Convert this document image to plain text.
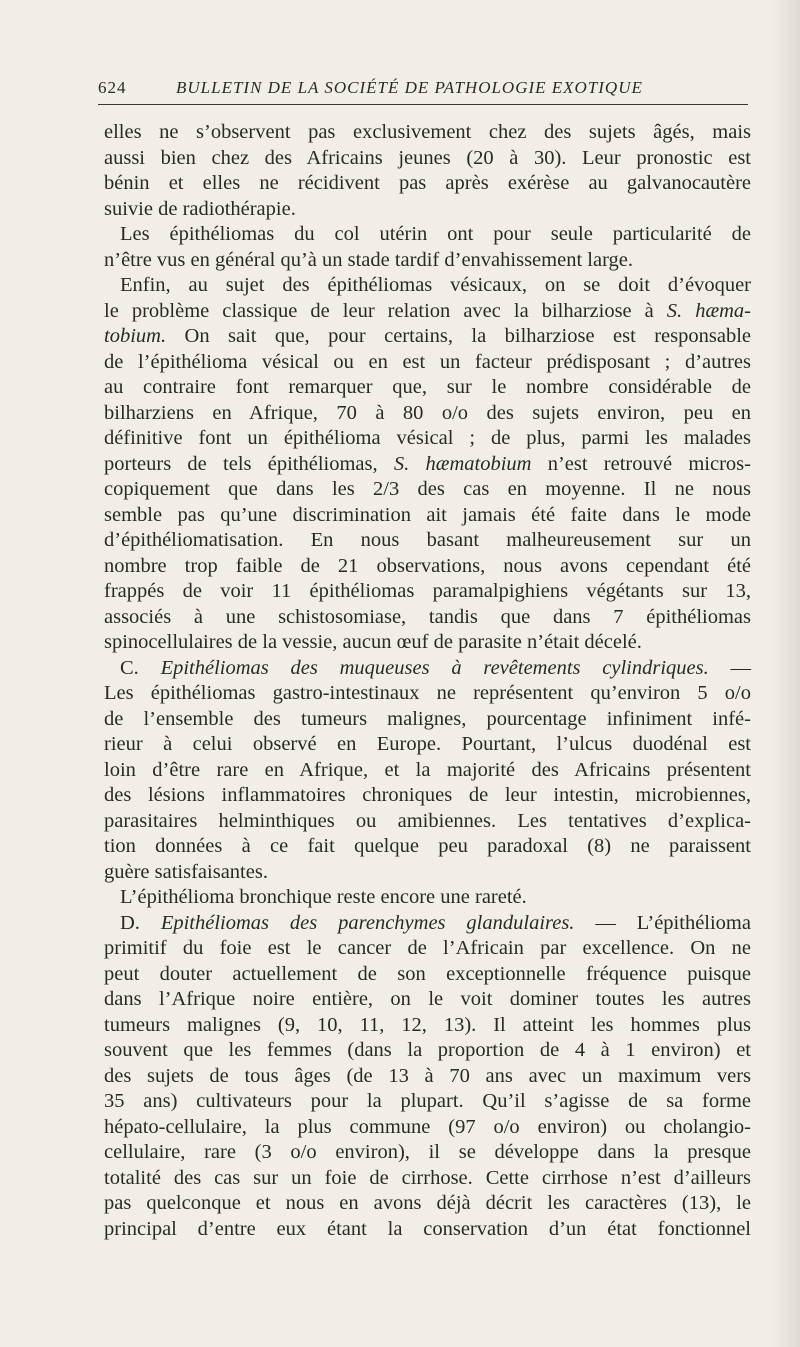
624	BULLETIN DE LA SOCIÉTÉ DE PATHOLOGIE EXOTIQUE
elles ne s’observent pas exclusivement chez des sujets âgés, mais
aussi bien chez des Africains jeunes (20 à 30). Leur pronostic est
bénin et elles ne récidivent pas après exérèse au galvanocautère
suivie de radiothérapie.
Les épithéliomas du col utérin ont pour seule particularité de
n’être vus en général qu’à un stade tardif d’envahissement large.
Enfin, au sujet des épithéliomas vésicaux, on se doit d’évoquer
le problème classique de leur relation avec la bilharziose à S. hæma-
tobium. On sait que, pour certains, la bilharziose est responsable
de l’épithélioma vésical ou en est un facteur prédisposant ; d’autres
au contraire font remarquer que, sur le nombre considérable de
bilharziens en Afrique, 70 à 80 o/o des sujets environ, peu en
définitive font un épithélioma vésical ; de plus, parmi les malades
porteurs de tels épithéliomas, S. hæmatobium n’est retrouvé micros-
copiquement que dans les 2/3 des cas en moyenne. Il ne nous
semble pas qu’une discrimination ait jamais été faite dans le mode
d’épithéliomatisation. En nous basant malheureusement sur un
nombre trop faible de 21 observations, nous avons cependant été
frappés de voir 11 épithéliomas paramalpighiens végétants sur 13,
associés à une schistosomiase, tandis que dans 7 épithéliomas
spinocellulaires de la vessie, aucun œuf de parasite n’était décelé.
C. Epithéliomas des muqueuses à revêtements cylindriques. —
Les épithéliomas gastro-intestinaux ne représentent qu’environ 5 o/o
de l’ensemble des tumeurs malignes, pourcentage infiniment infé-
rieur à celui observé en Europe. Pourtant, l’ulcus duodénal est
loin d’être rare en Afrique, et la majorité des Africains présentent
des lésions inflammatoires chroniques de leur intestin, microbiennes,
parasitaires helminthiques ou amibiennes. Les tentatives d’explica-
tion données à ce fait quelque peu paradoxal (8) ne paraissent
guère satisfaisantes.
L’épithélioma bronchique reste encore une rareté.
D. Epithéliomas des parenchymes glandulaires. — L’épithélioma
primitif du foie est le cancer de l’Africain par excellence. On ne
peut douter actuellement de son exceptionnelle fréquence puisque
dans l’Afrique noire entière, on le voit dominer toutes les autres
tumeurs malignes (9, 10, 11, 12, 13). Il atteint les hommes plus
souvent que les femmes (dans la proportion de 4 à 1 environ) et
des sujets de tous âges (de 13 à 70 ans avec un maximum vers
35 ans) cultivateurs pour la plupart. Qu’il s’agisse de sa forme
hépato-cellulaire, la plus commune (97 o/o environ) ou cholangio-
cellulaire, rare (3 o/o environ), il se développe dans la presque
totalité des cas sur un foie de cirrhose. Cette cirrhose n’est d’ailleurs
pas quelconque et nous en avons déjà décrit les caractères (13), le
principal d’entre eux étant la conservation d’un état fonctionnel
